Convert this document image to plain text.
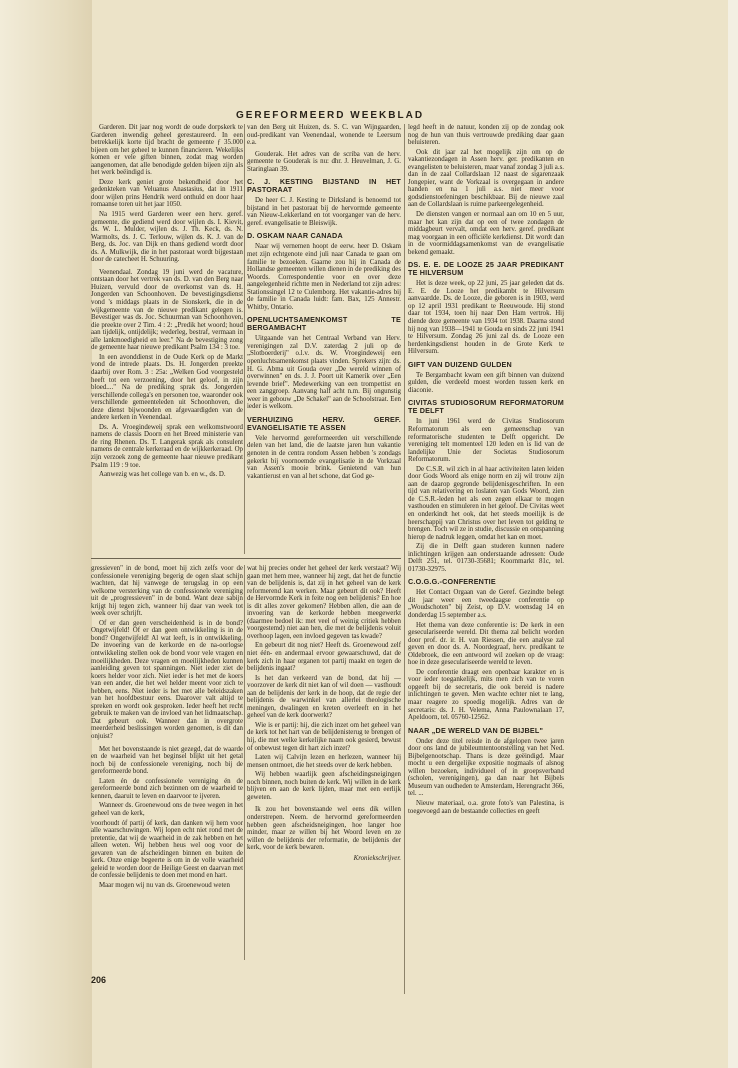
GEREFORMEERD WEEKBLAD

Garderen. Dit jaar nog wordt de oude dorpskerk te Garderen inwendig geheel gerestaureerd. In een betrekkelijk korte tijd bracht de gemeente ƒ 35.000 bijeen om het geheel te kunnen financieren. Wekelijks komen er vele giften binnen, zodat mag worden aangenomen, dat alle benodigde gelden bijeen zijn als het werk beëindigd is.

Deze kerk geniet grote bekendheid door het gedenkteken van Veluanus Anastasius, dat in 1911 door wijlen prins Hendrik werd onthuld en door haar romaanse toren uit het jaar 1050.

Na 1915 werd Garderen weer een herv. geref. gemeente, die gediend werd door wijlen ds. I. Kievit, ds. W. L. Mulder, wijlen ds. J. Th. Keck, ds. N. Warmolts, ds. J. C. Terlouw, wijlen ds. K. J. van de Berg, ds. Joc. van Dijk en thans gediend wordt door ds. A. Mulkwijk, die in het pastoraat wordt bijgestaan door de catecheet H. Schuuring.

Veenendaal. Zondag 19 juni werd de vacature, ontstaan door het vertrek van ds. D. van den Berg naar Huizen, vervuld door de overkomst van ds. H. Jongerden van Schoonhoven. De bevestigingsdienst vond 's middags plaats in de Sionskerk, die in de wijkgemeente van de nieuwe predikant gelegen is. Bevestiger was ds. Joc. Schuurman van Schoonhoven, die preekte over 2 Tim. 4 : 2: „Predik het woord; houd aan tijdelijk, ontijdelijk; wederleg, bestraf, vermaan in alle lankmoedigheid en leer." Na de bevestiging zong de gemeente haar nieuwe predikant Psalm 134 : 3 toe.

In een avonddienst in de Oude Kerk op de Markt vond de intrede plaats. Ds. H. Jongerden preekte daarbij over Rom. 3 : 25a: „Welken God voorgesteld heeft tot een verzoening, door het geloof, in zijn bloed...." Na de prediking sprak ds. Jongerden verschillende collega's en personen toe, waaronder ook verschillende gemeenteleden uit Schoonhoven, die deze dienst bijwoonden en afgevaardigden van de andere kerken in Veenendaal.

Ds. A. Vroegindeweij sprak een welkomstwoord namens de classis Doorn en het Breed ministerie van de ring Rhenen. Ds. T. Langerak sprak als consulent namens de centrale kerkeraad en de wijkkerkeraad. Op zijn verzoek zong de gemeente haar nieuwe predikant Psalm 119 : 9 toe.

Aanwezig was het college van b. en w., ds. D.

van den Berg uit Huizen, ds. S. C. van Wijngaarden, oud-predikant van Veenendaal, wonende te Leersum e.a.

Gouderak. Het adres van de scriba van de herv. gemeente te Gouderak is nu: dhr. J. Heuvelman, J. G. Staringlaan 39.

C. J. KESTING BIJSTAND IN HET PASTORAAT

De heer C. J. Kesting te Dirksland is benoemd tot bijstand in het pastoraat bij de hervormde gemeente van Nieuw-Lekkerland en tot voorganger van de herv. geref. evangelisatie te Bleiswijk.

D. OSKAM NAAR CANADA

Naar wij vernemen hoopt de eerw. heer D. Oskam met zijn echtgenote eind juli naar Canada te gaan om familie te bezoeken. Gaarne zou hij in Canada de Hollandse gemeenten willen dienen in de prediking des Woords. Correspondentie voor en over deze aangelegenheid richtte men in Nederland tot zijn adres: Stationssingel 12 te Culemborg. Het vakantie-adres bij de familie in Canada luidt: fam. Bax, 125 Annestr. Whitby, Ontario.

OPENLUCHTSAMENKOMST TE BERGAMBACHT

Uitgaande van het Centraal Verband van Herv. verenigingen zal D.V. zaterdag 2 juli op de „Slotboerderij" o.l.v. ds. W. Vroegindeweij een openluchtsamenkomst plaats vinden. Sprekers zijn: ds. H. G. Abma uit Gouda over „De wereld winnen of overwinnen" en ds. J. J. Poort uit Kamerik over „Een levende brief". Medewerking van een trompettist en een zanggroep. Aanvang half acht n.m. Bij ongunstig weer in gebouw „De Schakel" aan de Schoolstraat. Een ieder is welkom.

VERHUIZING HERV. GEREF. EVANGELISATIE TE ASSEN

Vele hervormd gereformeerden uit verschillende delen van het land, die de laatste jaren hun vakantie genoten in de centra rondom Assen hebben 's zondags gekerkt bij voornoemde evangelisatie in de Vorkzaal van Assen's mooie brink. Genietend van hun vakantierust en van al het schone, dat God ge-

legd heeft in de natuur, konden zij op de zondag ook nog de hun van thuis vertrouwde prediking daar gaan beluisteren.

Ook dit jaar zal het mogelijk zijn om op de vakantiezondagen in Assen herv. ger. predikanten en evangelisten te beluisteren, maar vanaf zondag 3 juli a.s. dan in de zaal Collardslaan 12 naast de sigarenzaak Jongepier, want de Vorkzaal is overgegaan in andere handen en na 1 juli a.s. niet meer voor godsdienstoefeningen beschikbaar. Bij de nieuwe zaal aan de Collardslaan is ruime parkeergelegenheid.

De diensten vangen er normaal aan om 10 en 5 uur, maar het kan zijn dat op een of twee zondagen de middagbeurt vervalt, omdat een herv. geref. predikant mag voorgaan in een officiële kerkdienst. Dit wordt dan in de voormiddagsamenkomst van de evangelisatie bekend gemaakt.

DS. E. E. DE LOOZE 25 JAAR PREDIKANT TE HILVERSUM

Het is deze week, op 22 juni, 25 jaar geleden dat ds. E. E. de Looze het predikambt te Hilversum aanvaardde. Ds. de Looze, die geboren is in 1903, werd op 12 april 1931 predikant te Reeuwoude. Hij stond daar tot 1934, toen hij naar Den Ham vertrok. Hij diende deze gemeente van 1934 tot 1938. Daarna stond hij nog van 1938—1941 te Gouda en sinds 22 juni 1941 te Hilversum. Zondag 26 juni zal ds. de Looze een herdenkingsdienst houden in de Grote Kerk te Hilversum.

GIFT VAN DUIZEND GULDEN

Te Bergambacht kwam een gift binnen van duizend gulden, die verdeeld moest worden tussen kerk en diaconie.

CIVITAS STUDIOSORUM REFORMATORUM TE DELFT

In juni 1961 werd de Civitas Studiosorum Reformatorum als een gemeenschap van reformatorische studenten te Delft opgericht. De vereniging telt momenteel 120 leden en is lid van de landelijke Unie der Societas Studiosorum Reformatorum.

De C.S.R. wil zich in al haar activiteiten laten leiden door Gods Woord als enige norm en zij wil trouw zijn aan de daarop gegronde belijdenisgeschriften. In een tijd van relativering en loslaten van Gods Woord, zien de C.S.R.-leden het als een zegen elkaar te mogen vasthouden en stimuleren in het geloof. De Civitas weet en onderkindt het ook, dat het steeds moeilijk is de heerschappij van Christus over het leven tot gelding te brengen. Toch wil ze in studie, discussie en ontspanning hierop de nadruk leggen, omdat het kan en moet.

Zij die in Delft gaan studeren kunnen nadere inlichtingen krijgen aan onderstaande adressen: Oude Delft 251, tel. 01730-35681; Koornmarkt 81c, tel. 01730-32975.

C.O.G.G.-CONFERENTIE

Het Contact Orgaan van de Geref. Gezindte belegt dit jaar weer een tweedaagse conferentie op „Woudschoten" bij Zeist, op D.V. woensdag 14 en donderdag 15 september a.s.

Het thema van deze conferentie is: De kerk in een geseculariseerde wereld. Dit thema zal belicht worden door prof. dr. ir. H. van Riessen, die een analyse zal geven en door ds. A. Noordegraaf, herv. predikant te Oldebroek, die een antwoord wil zoeken op de vraag: hoe in deze geseculariseerde wereld te leven.

De conferentie draagt een openbaar karakter en is voor ieder toegankelijk, mits men zich van te voren opgeeft bij de secretaris, die ook bereid is nadere inlichtingen te geven. Men wachte echter niet te lang, maar reagere zo spoedig mogelijk. Adres van de secretaris: ds. J. H. Velema, Anna Paulownalaan 17, Apeldoorn, tel. 05760-12562.

NAAR „DE WERELD VAN DE BIJBEL"

Onder deze titel reisde in de afgelopen twee jaren door ons land de jubileumtentoonstelling van het Ned. Bijbelgenootschap. Thans is deze geëindigd. Maar mocht u een dergelijke expositie nogmaals of alsnog willen bezoeken, individueel of in groepsverband (scholen, verenigingen), ga dan naar het Bijbels Museum van oudheden te Amsterdam, Herengracht 366, tel. ...

Nieuw materiaal, o.a. grote foto's van Palestina, is toegevoegd aan de bestaande collecties en geeft

gressieven" in de bond, moet hij zich zelfs voor de confessionele vereniging begerig de ogen slaat schijn wachten, dat hij vanwege de terugslag in op een welkome versterking van de confessionele vereniging uit de „progressieven" in de bond. Want deze sabijn krijgt hij tegen zich, wanneer hij daar van week tot week over schrijft.

Of er dan geen verscheidenheid is in de bond? Ongetwijfeld! Of er dan geen ontwikkeling is in de bond? Ongetwijfeld! Al wat leeft, is in ontwikkeling. De invoering van de kerkorde en de na-oorlogse ontwikkeling stellen ook de bond voor vele vragen en moeilijkheden. Deze vragen en moeilijkheden kunnen aanleiding geven tot spanningen. Niet ieder ziet de koers helder voor zich. Niet ieder is het met de koers van een ander, die het wel helder meent voor zich te hebben, eens. Niet ieder is het met alle beleidszaken van het hoofdbestuur eens. Daarover valt altijd te spreken en wordt ook gesproken. Ieder heeft het recht gebruik te maken van de invloed van het lidmaatschap. Dat gebeurt ook. Wanneer dan in overgrote meerderheid beslissingen worden genomen, is dit dan onjuist?

Met het bovenstaande is niet gezegd, dat de waarde en de waarheid van het beginsel blijkt uit het getal noch bij de confessionele vereniging, noch bij de gereformeerde bond.

Laten én de confessionele vereniging én de gereformeerde bond zich bezinnen om de waarheid te kennen, daaruit te leven en daarvoor te ijveren.

Wanneer ds. Groenewoud ons de twee wegen in het geheel van de kerk,

voorhoudt óf partij óf kerk, dan danken wij hem voor alle waarschuwingen. Wij lopen echt niet rond met de pretentie, dat wij de waarheid in de zak hebben en het alleen weten. Wij hebben heus wel oog voor de gevaren van de afscheidingen binnen en buiten de kerk. Onze enige begeerte is om in de volle waarheid geleid te worden door de Heilige Geest en daarvan met de confessie belijdenis te doen met mond en hart.

Maar mogen wij nu van ds. Groenewoud weten

wat hij precies onder het geheel der kerk verstaat? Wij gaan met hem mee, wanneer hij zegt, dat het de functie van de belijdenis is, dat zij in het geheel van de kerk reformerend kan werken. Maar gebeurt dit ook? Heeft de Hervormde Kerk in feite nog een belijdenis? En hoe is dit alles zover gekomen? Hebben allen, die aan de invoering van de kerkorde hebben meegewerkt (daarmee bedoel ik: met veel of weinig critiek hebben voorgestemd) niet aan hen, die met de belijdenis voluit overhoop lagen, een invloed gegeven tas kwade?

En gebeurt dit nog niet? Heeft ds. Groenewoud zelf niet één- en andermaal ervoor gewaarschuwd, dat de kerk zich in haar organen tot partij maakt en tegen de belijdenis ingaat?

Is het dan verkeerd van de bond, dat hij — voorzover de kerk dit niet kan of wil doen — vasthoudt aan de belijdenis der kerk in de hoop, dat de regie der belijdenis de warwinkel van allerlei theologische meningen, dwalingen en kreten overleeft en in het geheel van de kerk doorwerkt?

Wie is er partij: hij, die zich inzet om het geheel van de kerk tot het hart van de belijdenisterug te brengen of hij, die met welke kerkelijke naam ook gesierd, bewust of onbewust tegen dit hart zich inzet?

Laten wij Calvijn lezen en herlezen, wanneer hij mensen ontmoet, die het steeds over de kerk hebben.

Wij hebben waarlijk geen afscheidingsneigingen noch binnen, noch buiten de kerk. Wij willen in de kerk blijven en aan de kerk lijden, maar met een eerlijk geweten.

Ik zou het bovenstaande wel eens dik willen onderstrepen. Neem. de hervormd gereformeerden hebben geen afscheidsneigingen, hoe langer hoe minder, maar ze willen bij het Woord leven en ze willen de belijdenis der reformatie, de belijdenis der kerk, voor de kerk bewaren.

Kroniekschrijver.
206
